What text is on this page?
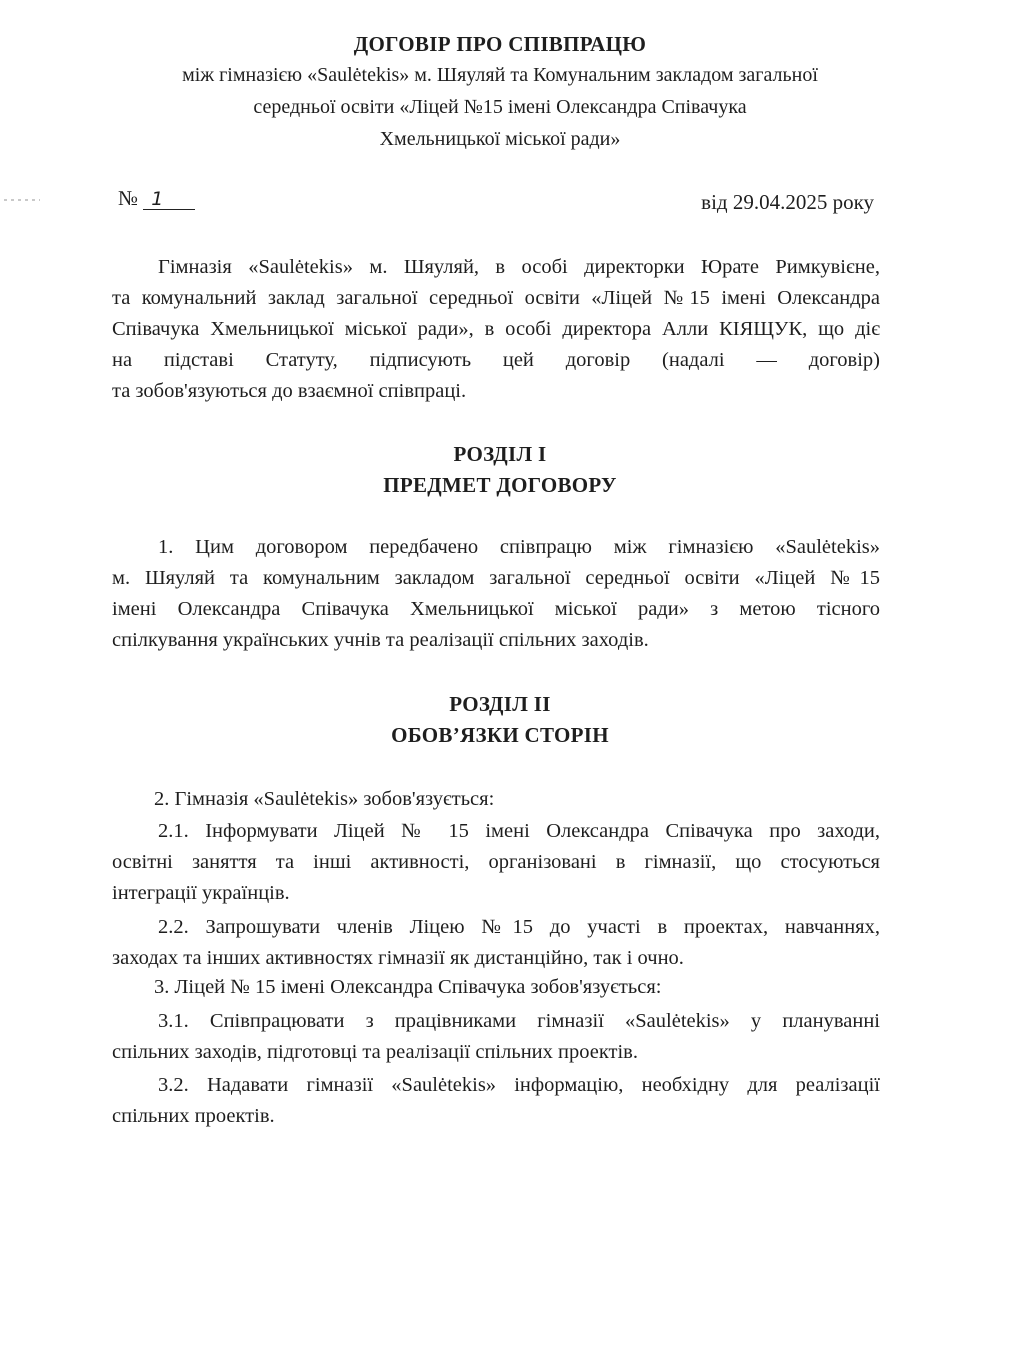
ДОГОВІР ПРО СПІВПРАЦЮ
між гімназією «Saulėtekis» м. Шяуляй та Комунальним закладом загальної
середньої освіти «Ліцей №15 імені Олександра Співачука
Хмельницької міської ради»
№ 1	від 29.04.2025 року
Гімназія «Saulėtekis» м. Шяуляй, в особі директорки Юрате Римкувієне,
та комунальний заклад загальної середньої освіти «Ліцей №15 імені Олександра
Співачука Хмельницької міської ради», в особі директора Алли КІЯЩУК, що діє
на підставі Статуту, підписують цей договір (надалі — договір)
та зобов'язуються до взаємної співпраці.
РОЗДІЛ І
ПРЕДМЕТ ДОГОВОРУ
1. Цим договором передбачено співпрацю між гімназією «Saulėtekis»
м. Шяуляй та комунальним закладом загальної середньої освіти «Ліцей №15
імені Олександра Співачука Хмельницької міської ради» з метою тісного
спілкування українських учнів та реалізації спільних заходів.
РОЗДІЛ ІІ
ОБОВ’ЯЗКИ СТОРІН
2. Гімназія «Saulėtekis» зобов'язується:
2.1. Інформувати Ліцей № 15 імені Олександра Співачука про заходи,
освітні заняття та інші активності, організовані в гімназії, що стосуються
інтеграції українців.
2.2. Запрошувати членів Ліцею №15 до участі в проектах, навчаннях,
заходах та інших активностях гімназії як дистанційно, так і очно.
3. Ліцей № 15 імені Олександра Співачука зобов'язується:
3.1. Співпрацювати з працівниками гімназії «Saulėtekis» у плануванні
спільних заходів, підготовці та реалізації спільних проектів.
3.2. Надавати гімназії «Saulėtekis» інформацію, необхідну для реалізації
спільних проектів.
